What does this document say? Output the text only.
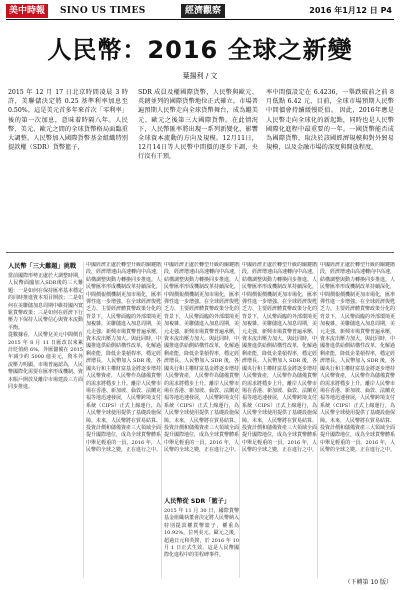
美中時報	SINO US TIMES	經濟觀察	2016 年1月12 日 P4
人民幣：2016 全球之新變
葉揚利 / 文
2015 年 12 月 17 日北京時間凌晨 3 時許，美聯儲決定將 0.25 基準利率加息至 0.50%。這是美元首多年來首次「零利率」後的第一次加息，意味着時隔八年。人民幣、美元、歐元之間的全球貨幣格局面臨重大調整。人民幣加入國際貨幣基金組織特別提款權（SDR）貨幣籃子，
SDR 成員及權國際貨幣，人民幣與歐元、英鎊並列的國際貨幣地位正式確立。市場普遍預期人民幣走向全球貨幣舞台，成為繼美元、歐元之後第三大國際貨幣。在此情況下，人民幣匯率將出現一系列新變化，影響全球資本流動的方向及規模。12月11日，12月14日等人民幣中間價的逐步下調，央行沒有干預，
率中間價設定在 6.4236，一舉跌破前之前 8 月低點 6.42 元，目前，全球市場預期人民幣中間價會持續緩慢貶值。 因此，2016年應是人民幣走向全球化的新起點，同時也是人民幣國際化進程中最重要的一年。一國貨幣能否成為國際貨幣，取決於該國經濟規模與對外貿易規模，以及金融市場的深度與開放程度。
人民幣「三大難題」挑戰

當前國際形勢正處於大調整時期，人民幣面臨加入SDR後的三大難題：一是如何在保持匯率基本穩定的同時推進資本項目開放；二是如何在美聯儲加息周期中維持國內寬鬆貨幣政策；三是如何在經濟下行壓力下保持人民幣信心與資本流動平衡。

從數據看，人民幣兌美元中間價自 2015 年 8 月 11 日匯改以來累計貶值約 6%，外匯儲備在 2015 年減少約 5000 億美元，資本外流壓力明顯。市場普遍認為，人民幣國際化需要在匯率形成機制、資本賬戶開放及離岸市場建設三方面同步推進。

中國經濟正處於轉型升級的關鍵階段，經濟增速由高速轉向中高速，結構調整與動力轉換同步推進。人民幣匯率形成機制改革持續深化，中間價報價機制更加市場化，匯率彈性進一步增強。在全球經濟復甦乏力、主要經濟體貨幣政策分化的背景下，人民幣面臨的外部環境更加複雜。美聯儲進入加息周期，美元走強，新興市場貨幣普遍承壓，資本流出壓力加大。與此同時，中國推進供給側結構性改革，化解過剩產能，降低企業槓桿率，穩定經濟增長。人民幣加入 SDR 後，各國央行和主權財富基金將逐步增持人民幣資產，人民幣作為儲備貨幣的需求將穩步上升。離岸人民幣市場在香港、新加坡、倫敦、法蘭克福等地迅速發展，人民幣跨境支付系統（CIPS）正式上線運行，為人民幣全球使用提供了基礎設施保障。未來，人民幣將在貿易結算、投資計價和儲備資產三大領域全面提升國際地位，成為全球貨幣體系中舉足輕重的一員。2016 年，人民幣的全球之變，正在進行之中。

中國經濟正處於轉型升級的關鍵階段，經濟增速由高速轉向中高速，結構調整與動力轉換同步推進。人民幣匯率形成機制改革持續深化，中間價報價機制更加市場化，匯率彈性進一步增強。在全球經濟復甦乏力、主要經濟體貨幣政策分化的背景下，人民幣面臨的外部環境更加複雜。美聯儲進入加息周期，美元走強，新興市場貨幣普遍承壓，資本流出壓力加大。與此同時，中國推進供給側結構性改革，化解過剩產能，降低企業槓桿率，穩定經濟增長。人民幣加入 SDR 後，各國央行和主權財富基金將逐步增持人民幣資產，人民幣作為儲備貨幣的需求將穩步上升。離岸人民幣市場在香港、新加坡、倫敦、法蘭克福等地迅速發展，人民幣跨境支付系統（CIPS）正式上線運行，為人民幣全球使用提供了基礎設施保障。未來，人民幣將在貿易結算、投資計價和儲備資產三大領域全面提升國際地位，成為全球貨幣體系中舉足輕重的一員。2016 年，人民幣的全球之變，正在進行之中。

人民幣從 SDR「籃子」

2015 年 11 月 30 日，國際貨幣基金組織執董會決定將人民幣納入特別提款權貨幣籃子，權重為 10.92%，位列美元、歐元之後，超過日元和英鎊，於 2016 年 10 月 1 日正式生效。這是人民幣國際化進程中的里程碑事件。

中國經濟正處於轉型升級的關鍵階段，經濟增速由高速轉向中高速，結構調整與動力轉換同步推進。人民幣匯率形成機制改革持續深化，中間價報價機制更加市場化，匯率彈性進一步增強。在全球經濟復甦乏力、主要經濟體貨幣政策分化的背景下，人民幣面臨的外部環境更加複雜。美聯儲進入加息周期，美元走強，新興市場貨幣普遍承壓，資本流出壓力加大。與此同時，中國推進供給側結構性改革，化解過剩產能，降低企業槓桿率，穩定經濟增長。人民幣加入 SDR 後，各國央行和主權財富基金將逐步增持人民幣資產，人民幣作為儲備貨幣的需求將穩步上升。離岸人民幣市場在香港、新加坡、倫敦、法蘭克福等地迅速發展，人民幣跨境支付系統（CIPS）正式上線運行，為人民幣全球使用提供了基礎設施保障。未來，人民幣將在貿易結算、投資計價和儲備資產三大領域全面提升國際地位，成為全球貨幣體系中舉足輕重的一員。2016 年，人民幣的全球之變，正在進行之中。

中國經濟正處於轉型升級的關鍵階段，經濟增速由高速轉向中高速，結構調整與動力轉換同步推進。人民幣匯率形成機制改革持續深化，中間價報價機制更加市場化，匯率彈性進一步增強。在全球經濟復甦乏力、主要經濟體貨幣政策分化的背景下，人民幣面臨的外部環境更加複雜。美聯儲進入加息周期，美元走強，新興市場貨幣普遍承壓，資本流出壓力加大。與此同時，中國推進供給側結構性改革，化解過剩產能，降低企業槓桿率，穩定經濟增長。人民幣加入 SDR 後，各國央行和主權財富基金將逐步增持人民幣資產，人民幣作為儲備貨幣的需求將穩步上升。離岸人民幣市場在香港、新加坡、倫敦、法蘭克福等地迅速發展，人民幣跨境支付系統（CIPS）正式上線運行，為人民幣全球使用提供了基礎設施保障。未來，人民幣將在貿易結算、投資計價和儲備資產三大領域全面提升國際地位，成為全球貨幣體系中舉足輕重的一員。2016 年，人民幣的全球之變，正在進行之中。

（下轉第 10 版）
